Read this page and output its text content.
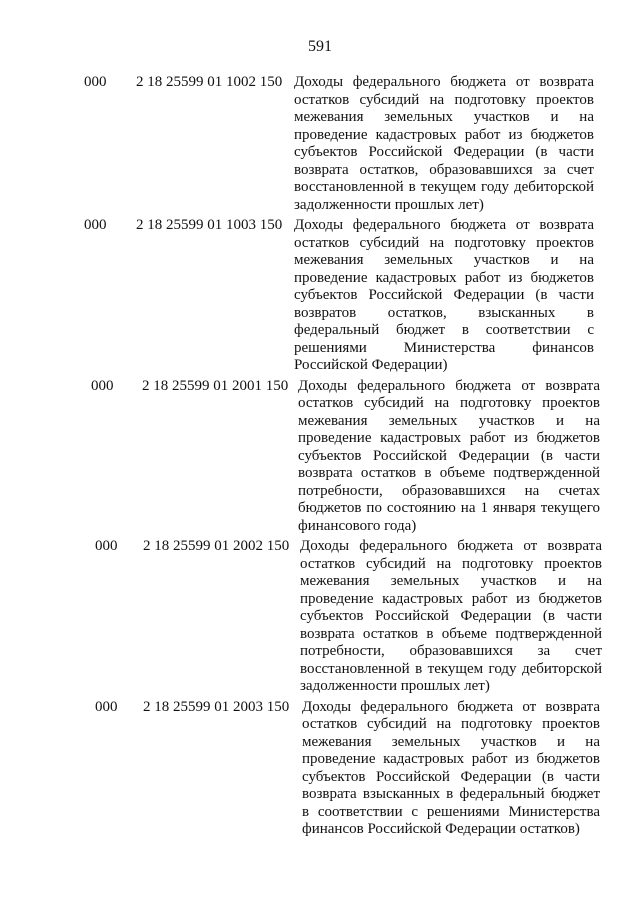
591
000	2 18 25599 01 1002 150 Доходы федерального бюджета от возврата остатков субсидий на подготовку проектов межевания земельных участков и на проведение кадастровых работ из бюджетов субъектов Российской Федерации (в части возврата остатков, образовавшихся за счет восстановленной в текущем году дебиторской задолженности прошлых лет)
000	2 18 25599 01 1003 150 Доходы федерального бюджета от возврата остатков субсидий на подготовку проектов межевания земельных участков и на проведение кадастровых работ из бюджетов субъектов Российской Федерации (в части возвратов остатков, взысканных в федеральный бюджет в соответствии с решениями Министерства финансов Российской Федерации)
000	2 18 25599 01 2001 150 Доходы федерального бюджета от возврата остатков субсидий на подготовку проектов межевания земельных участков и на проведение кадастровых работ из бюджетов субъектов Российской Федерации (в части возврата остатков в объеме подтвержденной потребности, образовавшихся на счетах бюджетов по состоянию на 1 января текущего финансового года)
000	2 18 25599 01 2002 150 Доходы федерального бюджета от возврата остатков субсидий на подготовку проектов межевания земельных участков и на проведение кадастровых работ из бюджетов субъектов Российской Федерации (в части возврата остатков в объеме подтвержденной потребности, образовавшихся за счет восстановленной в текущем году дебиторской задолженности прошлых лет)
000	2 18 25599 01 2003 150 Доходы федерального бюджета от возврата остатков субсидий на подготовку проектов межевания земельных участков и на проведение кадастровых работ из бюджетов субъектов Российской Федерации (в части возврата взысканных в федеральный бюджет в соответствии с решениями Министерства финансов Российской Федерации остатков)
